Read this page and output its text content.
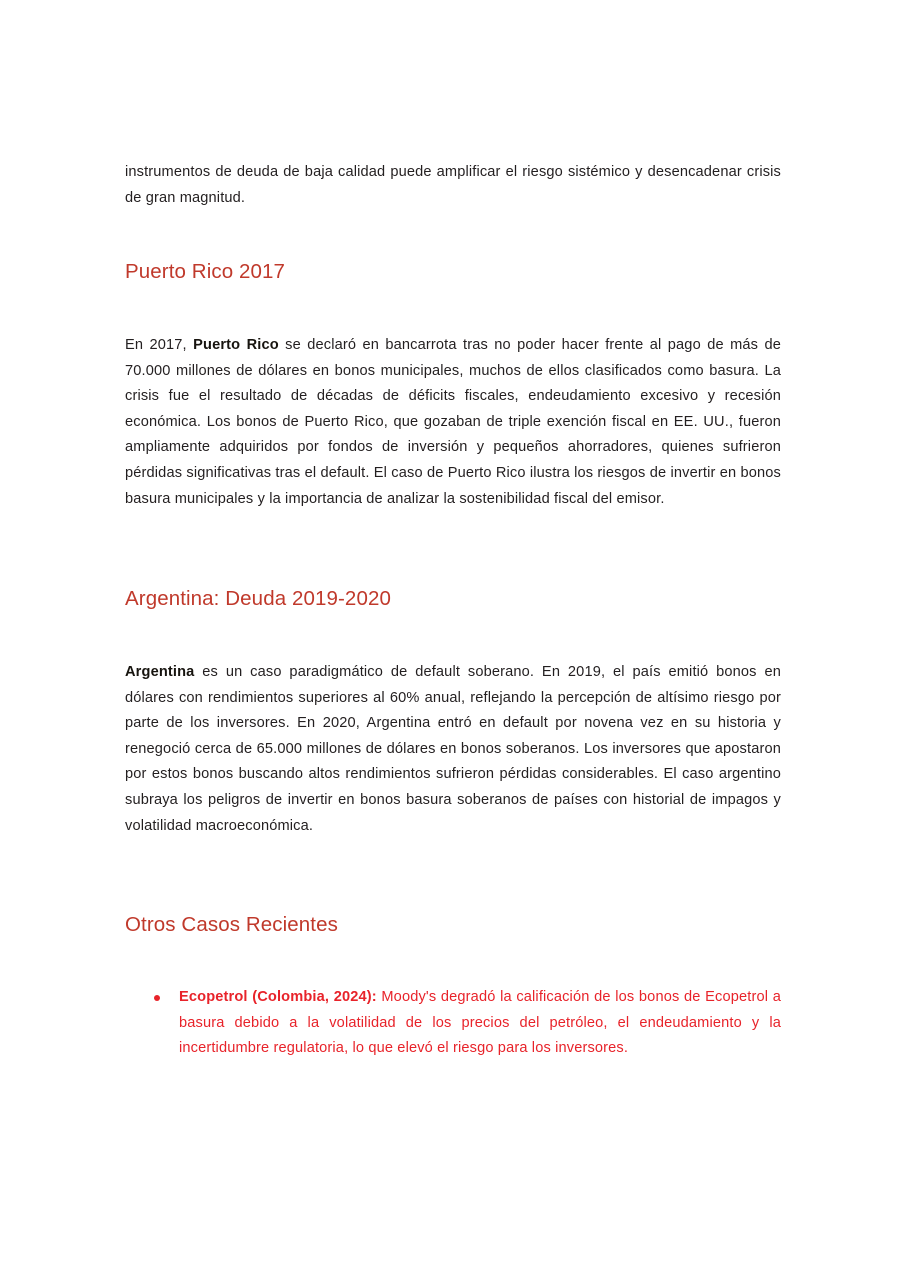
instrumentos de deuda de baja calidad puede amplificar el riesgo sistémico y desencadenar crisis de gran magnitud.

Puerto Rico 2017

En 2017, Puerto Rico se declaró en bancarrota tras no poder hacer frente al pago de más de 70.000 millones de dólares en bonos municipales, muchos de ellos clasificados como basura. La crisis fue el resultado de décadas de déficits fiscales, endeudamiento excesivo y recesión económica. Los bonos de Puerto Rico, que gozaban de triple exención fiscal en EE. UU., fueron ampliamente adquiridos por fondos de inversión y pequeños ahorradores, quienes sufrieron pérdidas significativas tras el default. El caso de Puerto Rico ilustra los riesgos de invertir en bonos basura municipales y la importancia de analizar la sostenibilidad fiscal del emisor.

Argentina: Deuda 2019-2020

Argentina es un caso paradigmático de default soberano. En 2019, el país emitió bonos en dólares con rendimientos superiores al 60% anual, reflejando la percepción de altísimo riesgo por parte de los inversores. En 2020, Argentina entró en default por novena vez en su historia y renegoció cerca de 65.000 millones de dólares en bonos soberanos. Los inversores que apostaron por estos bonos buscando altos rendimientos sufrieron pérdidas considerables. El caso argentino subraya los peligros de invertir en bonos basura soberanos de países con historial de impagos y volatilidad macroeconómica.

Otros Casos Recientes
Ecopetrol (Colombia, 2024): Moody's degradó la calificación de los bonos de Ecopetrol a basura debido a la volatilidad de los precios del petróleo, el endeudamiento y la incertidumbre regulatoria, lo que elevó el riesgo para los inversores.
